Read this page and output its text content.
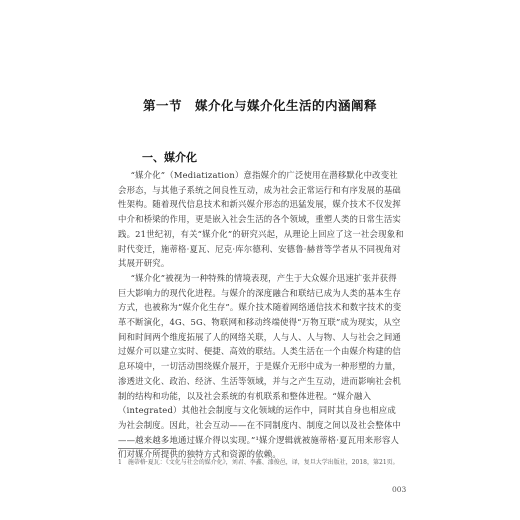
第一节　媒介化与媒介化生活的内涵阐释
一、媒介化

“媒介化”（Mediatization）意指媒介的广泛使用在潜移默化中改变社会形态，与其他子系统之间良性互动，成为社会正常运行和有序发展的基础性架构。随着现代信息技术和新兴媒介形态的迅猛发展，媒介技术不仅发挥中介和桥梁的作用，更是嵌入社会生活的各个领域，重塑人类的日常生活实践。21世纪初，有关“媒介化”的研究兴起，从理论上回应了这一社会现象和时代变迁，施蒂格·夏瓦、尼克·库尔德利、安德鲁·赫普等学者从不同视角对其展开研究。

“媒介化”被视为一种特殊的情境表现，产生于大众媒介迅速扩张并获得巨大影响力的现代化进程。与媒介的深度融合和联结已成为人类的基本生存方式，也被称为“媒介化生存”。媒介技术随着网络通信技术和数字技术的变革不断演化，4G、5G、物联网和移动终端使得“万物互联”成为现实，从空间和时间两个维度拓展了人的网络关联，人与人、人与物、人与社会之间通过媒介可以建立实时、便捷、高效的联结。人类生活在一个由媒介构建的信息环境中，一切活动围绕媒介展开，于是媒介无形中成为一种形塑的力量，渗透进文化、政治、经济、生活等领域，并与之产生互动，进而影响社会机制的结构和功能，以及社会系统的有机联系和整体进程。“媒介融入（integrated）其他社会制度与文化领域的运作中，同时其自身也相应成为社会制度。因此，社会互动——在不同制度内、制度之间以及社会整体中——越来越多地通过媒介得以实现。”¹媒介逻辑就被施蒂格·夏瓦用来形容人们对媒介所提供的独特方式和资源的依赖。

1　施蒂格·夏瓦：《文化与社会的媒介化》，刘君、李鑫、漆俊邑，译，复旦大学出版社，2018，第21页。
003
